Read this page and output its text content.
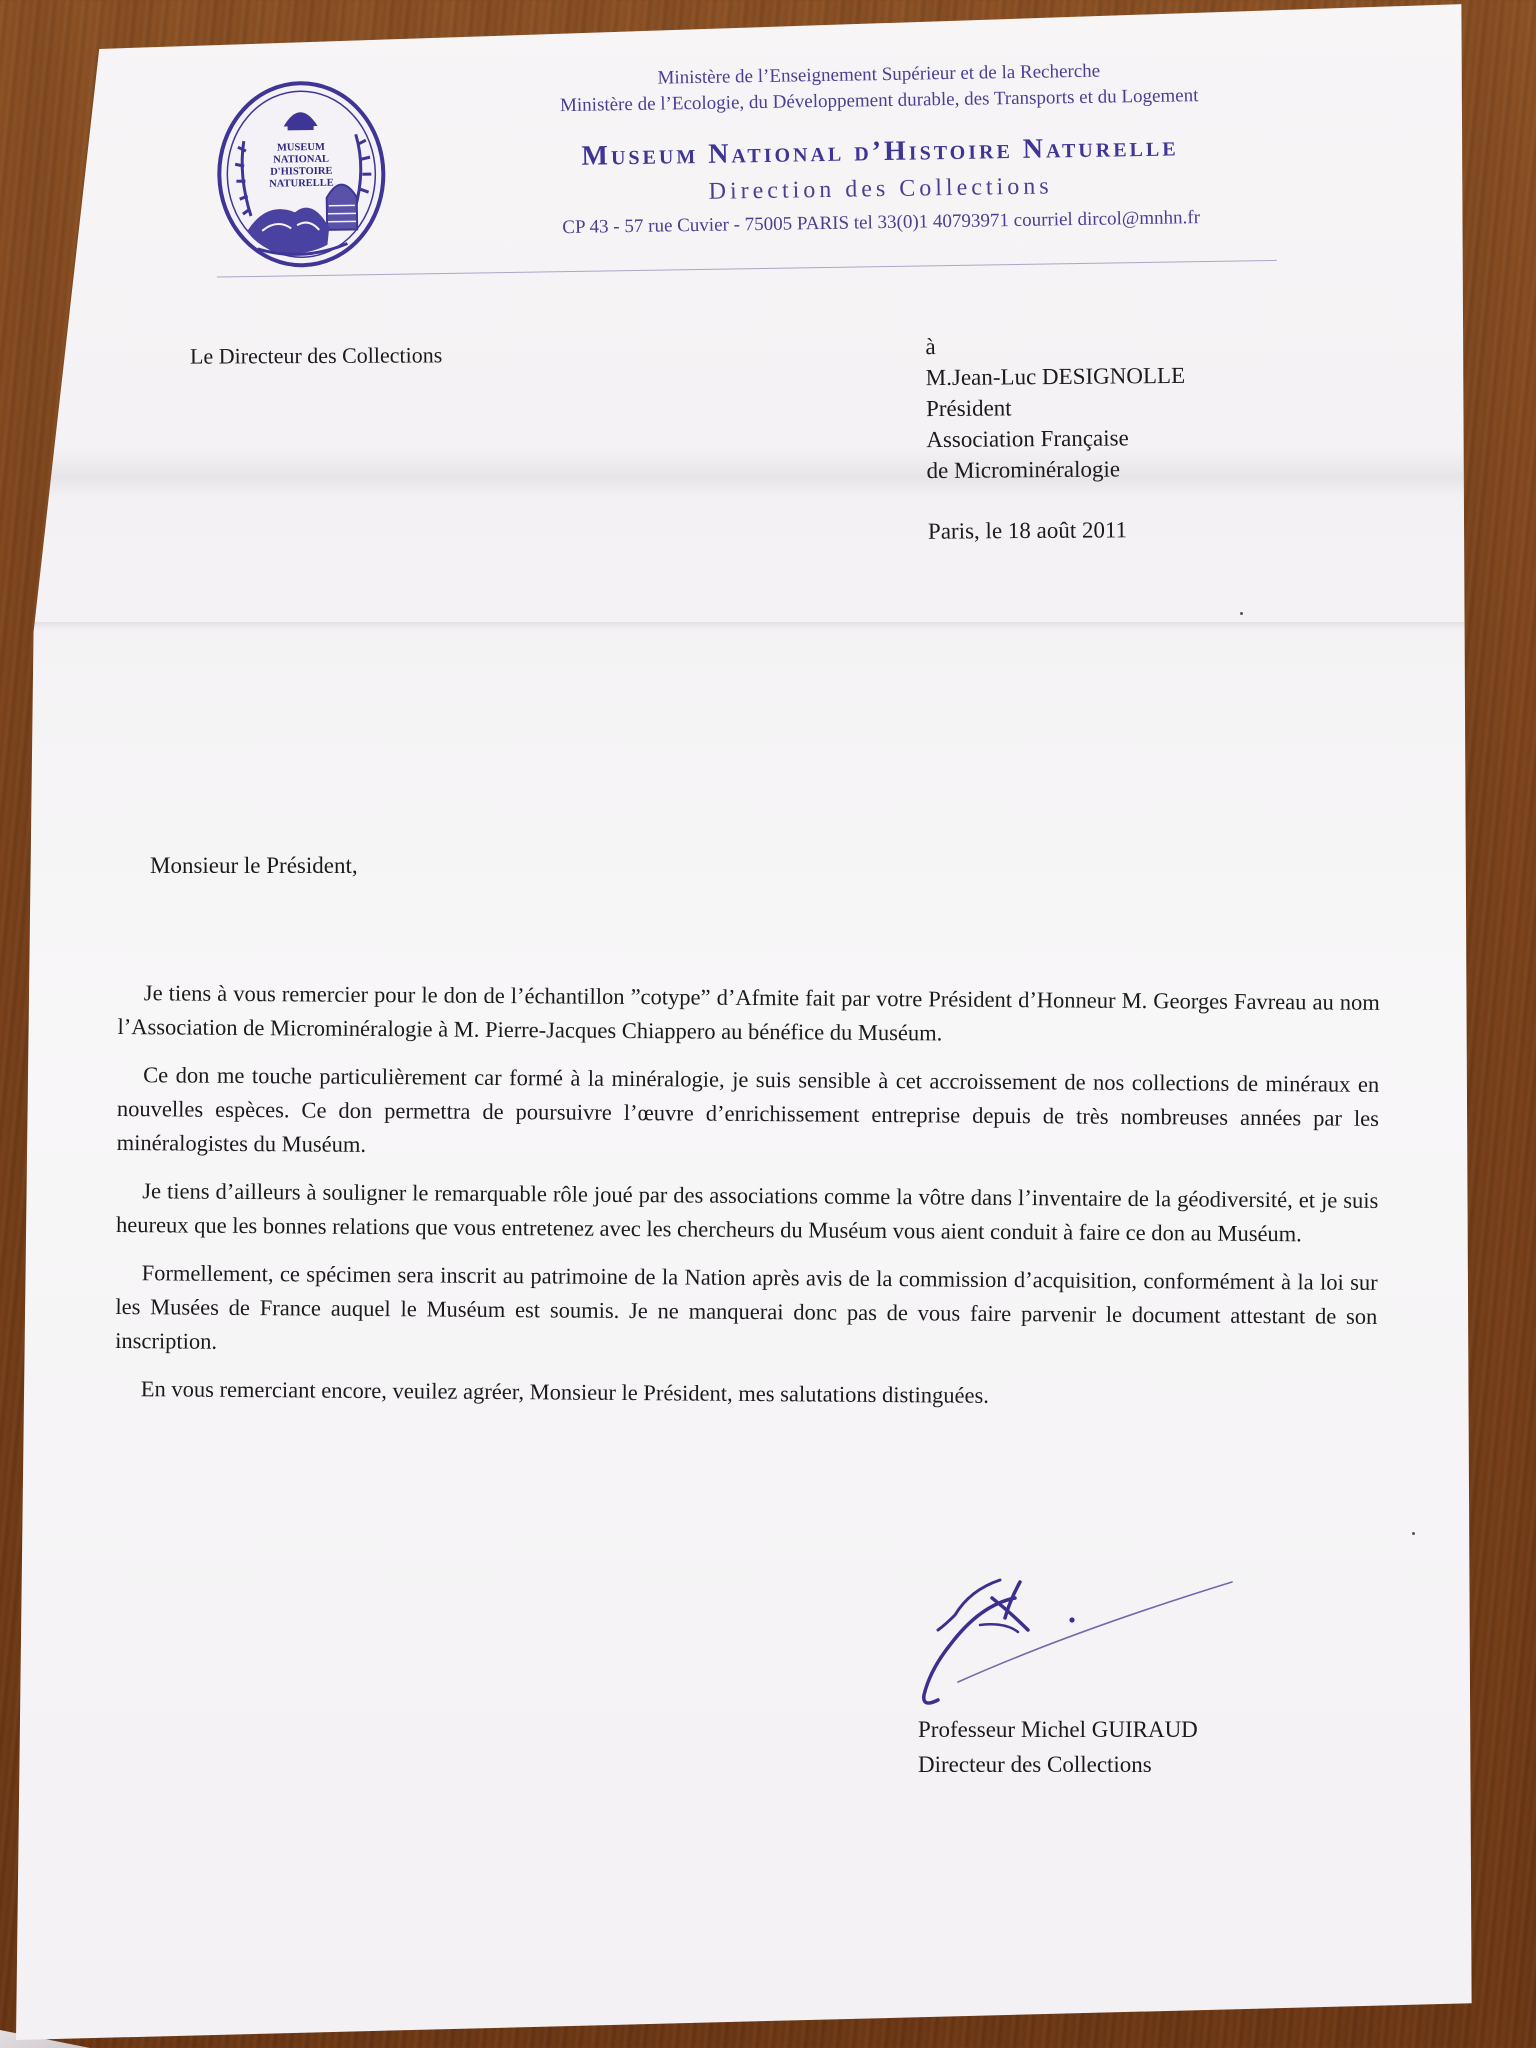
MUSEUM
NATIONAL
D'HISTOIRE
NATURELLE
Ministère de l’Enseignement Supérieur et de la Recherche
Ministère de l’Ecologie, du Développement durable, des Transports et du Logement
Museum National d’Histoire Naturelle
Direction des Collections
CP 43 - 57 rue Cuvier - 75005 PARIS tel 33(0)1 40793971 courriel dircol@mnhn.fr
Le Directeur des Collections	à
M.Jean-Luc DESIGNOLLE
Président
Association Française
de Microminéralogie
Paris, le 18 août 2011
Monsieur le Président,

Je tiens à vous remercier pour le don de l’échantillon ”cotype” d’Afmite fait par votre Président d’Honneur M. Georges Favreau au nom l’Association de Microminéralogie à M. Pierre-Jacques Chiappero au bénéfice du Muséum.

Ce don me touche particulièrement car formé à la minéralogie, je suis sensible à cet accroissement de nos collections de minéraux en nouvelles espèces. Ce don permettra de poursuivre l’œuvre d’enrichissement entreprise depuis de très nombreuses années par les minéralogistes du Muséum.

Je tiens d’ailleurs à souligner le remarquable rôle joué par des associations comme la vôtre dans l’inventaire de la géodiversité, et je suis heureux que les bonnes relations que vous entretenez avec les chercheurs du Muséum vous aient conduit à faire ce don au Muséum.

Formellement, ce spécimen sera inscrit au patrimoine de la Nation après avis de la commission d’acquisition, conformément à la loi sur les Musées de France auquel le Muséum est soumis. Je ne manquerai donc pas de vous faire parvenir le document attestant de son inscription.

En vous remerciant encore, veuilez agréer, Monsieur le Président, mes salutations distinguées.

Professeur Michel GUIRAUD
Directeur des Collections
